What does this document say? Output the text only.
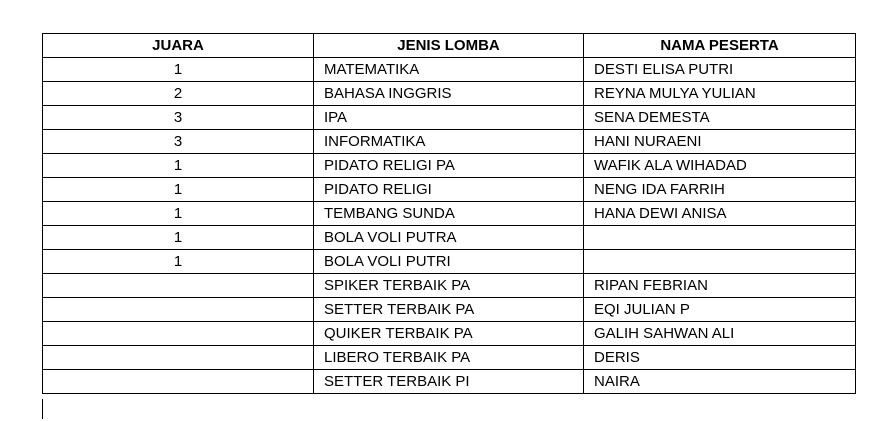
JUARA	JENIS LOMBA	NAMA PESERTA
1	MATEMATIKA	DESTI ELISA PUTRI
2	BAHASA INGGRIS	REYNA MULYA YULIAN
3	IPA	SENA DEMESTA
3	INFORMATIKA	HANI NURAENI
1	PIDATO RELIGI PA	WAFIK ALA WIHADAD
1	PIDATO RELIGI	NENG IDA FARRIH
1	TEMBANG SUNDA	HANA DEWI ANISA
1	BOLA VOLI PUTRA	
1	BOLA VOLI PUTRI	
	SPIKER TERBAIK PA	RIPAN FEBRIAN
	SETTER TERBAIK PA	EQI JULIAN P
	QUIKER TERBAIK PA	GALIH SAHWAN ALI
	LIBERO TERBAIK PA	DERIS
	SETTER TERBAIK PI	NAIRA
